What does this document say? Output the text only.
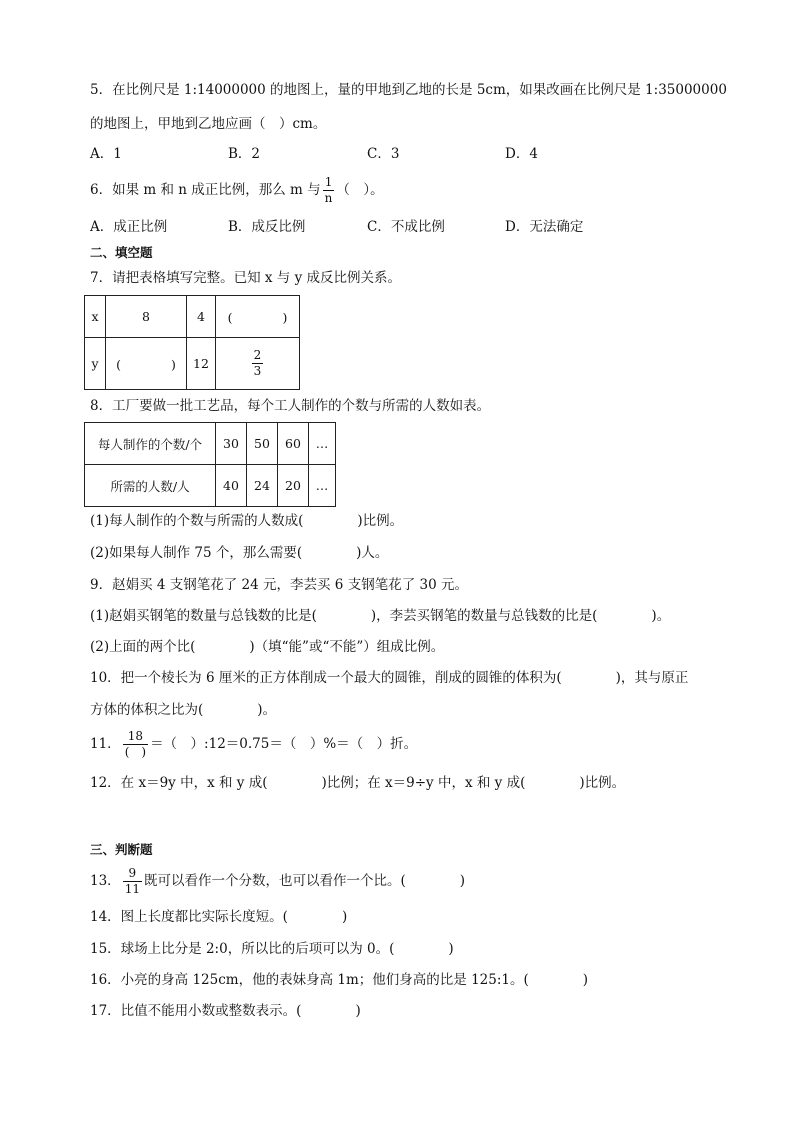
5．在比例尺是 1:14000000 的地图上，量的甲地到乙地的长是 5cm，如果改画在比例尺是 1:35000000
的地图上，甲地到乙地应画（　）cm。
A．1	B．2	C．3	D．4
6．如果 m 和 n 成正比例，那么 m 与 $\frac{1}{n}$ （　）。
A．成正比例	B．成反比例	C．不成比例	D．无法确定
二、填空题
7．请把表格填写完整。已知 x 与 y 成反比例关系。
x	8	4	(　　　　)
y	(　　　　)	12	$\frac{2}{3}$
8．工厂要做一批工艺品，每个工人制作的个数与所需的人数如表。
每人制作的个数/个	30	50	60	…
所需的人数/人	40	24	20	…
(1)每人制作的个数与所需的人数成(　　　　)比例。
(2)如果每人制作 75 个，那么需要(　　　　)人。
9．赵娟买 4 支钢笔花了 24 元，李芸买 6 支钢笔花了 30 元。
(1)赵娟买钢笔的数量与总钱数的比是(　　　　)，李芸买钢笔的数量与总钱数的比是(　　　　)。
(2)上面的两个比(　　　　)（填“能”或“不能”）组成比例。
10．把一个棱长为 6 厘米的正方体削成一个最大的圆锥，削成的圆锥的体积为(　　　　)，其与原正
方体的体积之比为(　　　　)。
11． $\frac{18}{( )}$ ＝（　）:12＝0.75＝（　）%＝（　）折。
12．在 x＝9y 中，x 和 y 成(　　　　)比例；在 x＝9÷y 中，x 和 y 成(　　　　)比例。
三、判断题
13． $\frac{9}{11}$ 既可以看作一个分数，也可以看作一个比。(　　　　)
14．图上长度都比实际长度短。(　　　　)
15．球场上比分是 2:0，所以比的后项可以为 0。(　　　　)
16．小亮的身高 125cm，他的表妹身高 1m；他们身高的比是 125:1。(　　　　)
17．比值不能用小数或整数表示。(　　　　)
